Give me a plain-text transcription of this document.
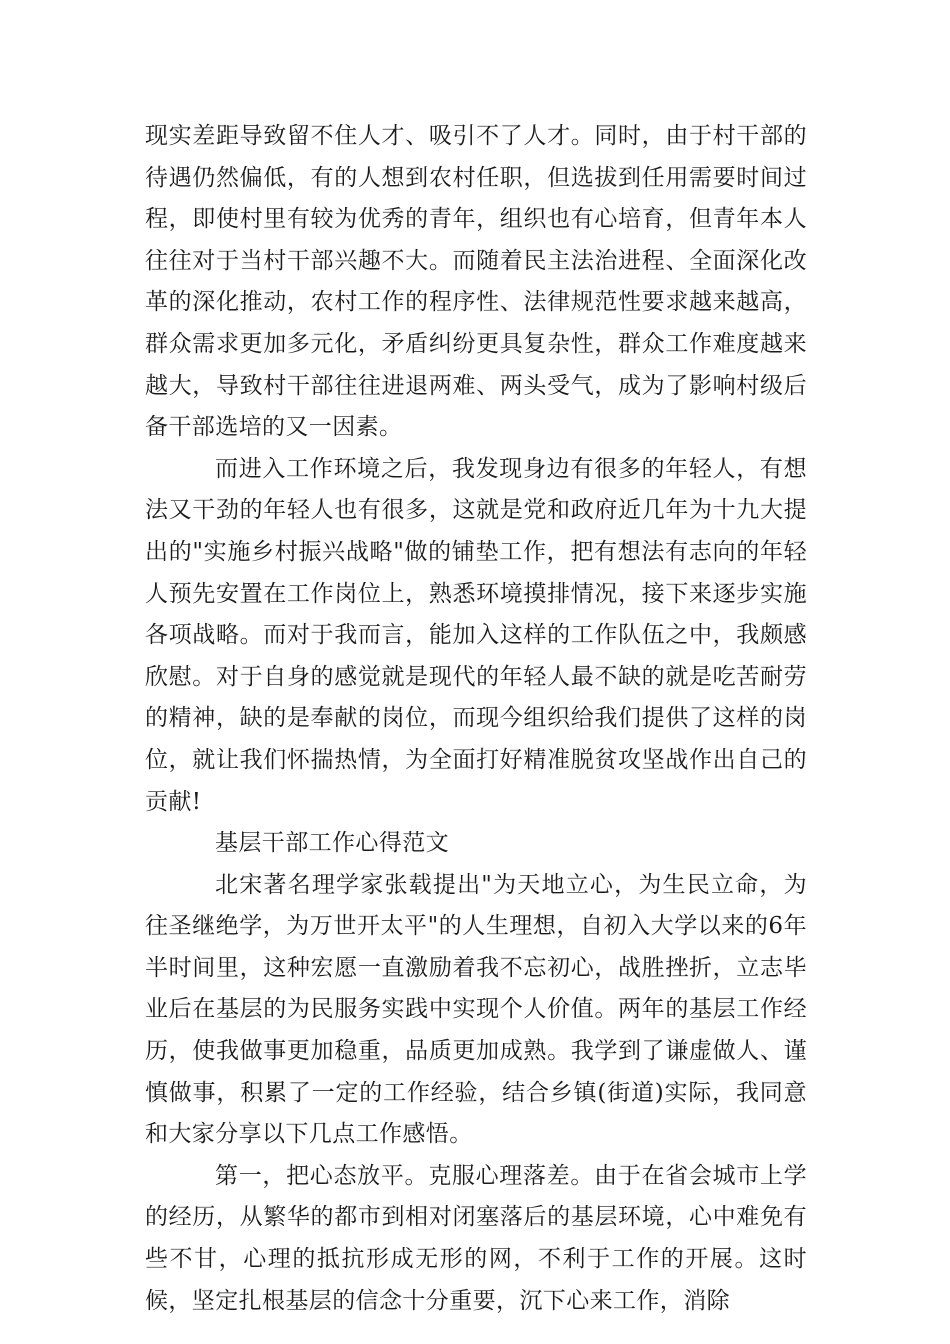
现实差距导致留不住人才、吸引不了人才。同时，由于村干部的待遇仍然偏低，有的人想到农村任职，但选拔到任用需要时间过程，即使村里有较为优秀的青年，组织也有心培育，但青年本人往往对于当村干部兴趣不大。而随着民主法治进程、全面深化改革的深化推动，农村工作的程序性、法律规范性要求越来越高，群众需求更加多元化，矛盾纠纷更具复杂性，群众工作难度越来越大，导致村干部往往进退两难、两头受气，成为了影响村级后备干部选培的又一因素。

而进入工作环境之后，我发现身边有很多的年轻人，有想法又干劲的年轻人也有很多，这就是党和政府近几年为十九大提出的"实施乡村振兴战略"做的铺垫工作，把有想法有志向的年轻人预先安置在工作岗位上，熟悉环境摸排情况，接下来逐步实施各项战略。而对于我而言，能加入这样的工作队伍之中，我颇感欣慰。对于自身的感觉就是现代的年轻人最不缺的就是吃苦耐劳的精神，缺的是奉献的岗位，而现今组织给我们提供了这样的岗位，就让我们怀揣热情，为全面打好精准脱贫攻坚战作出自己的贡献!

基层干部工作心得范文

北宋著名理学家张载提出"为天地立心，为生民立命，为往圣继绝学，为万世开太平"的人生理想，自初入大学以来的6年半时间里，这种宏愿一直激励着我不忘初心，战胜挫折，立志毕业后在基层的为民服务实践中实现个人价值。两年的基层工作经历，使我做事更加稳重，品质更加成熟。我学到了谦虚做人、谨慎做事，积累了一定的工作经验，结合乡镇(街道)实际，我同意和大家分享以下几点工作感悟。

第一，把心态放平。克服心理落差。由于在省会城市上学的经历，从繁华的都市到相对闭塞落后的基层环境，心中难免有些不甘，心理的抵抗形成无形的网，不利于工作的开展。这时候，坚定扎根基层的信念十分重要，沉下心来工作，消除
